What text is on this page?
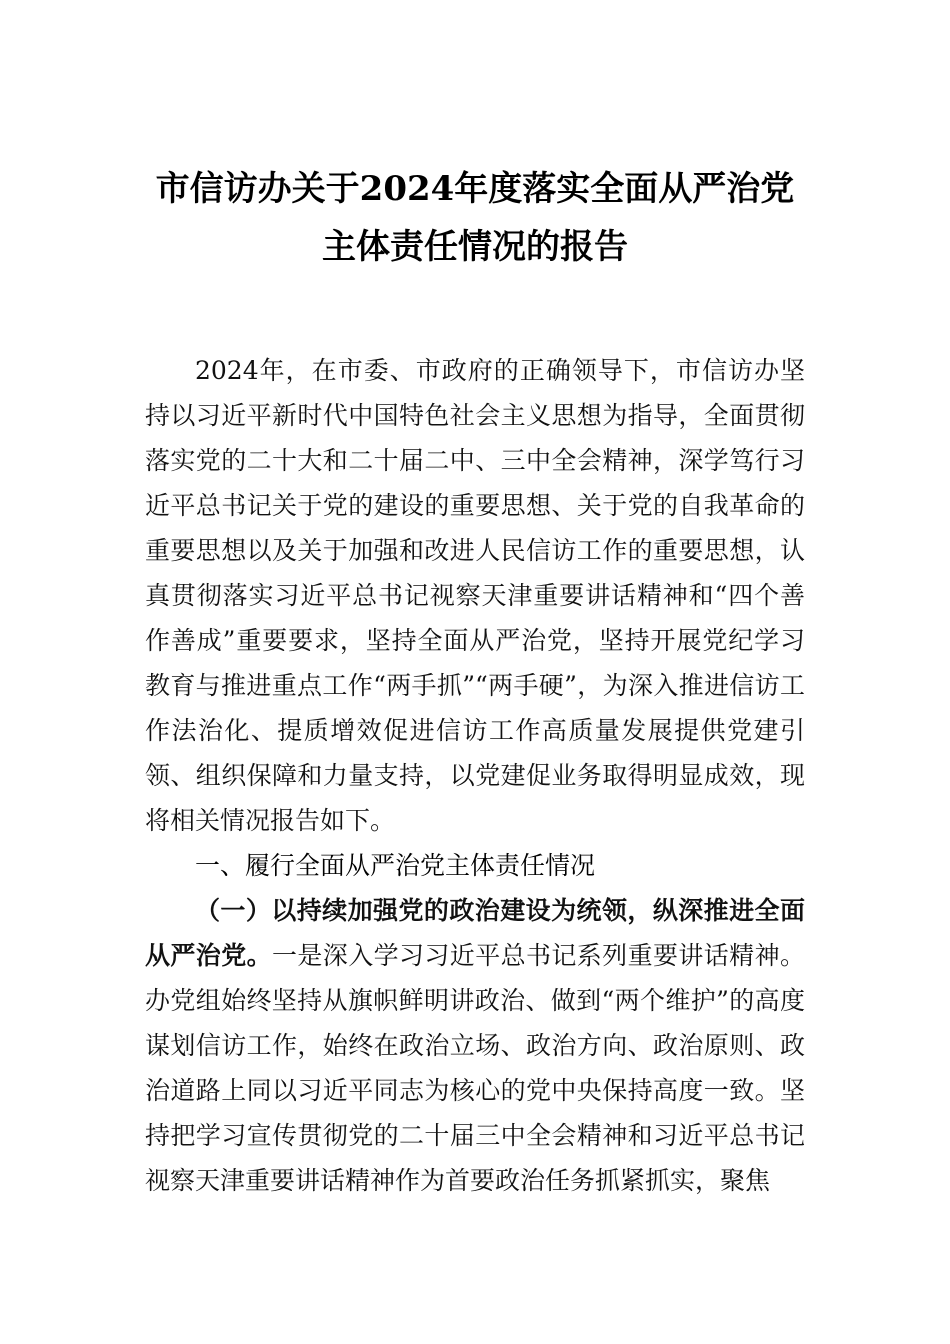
市信访办关于2024年度落实全面从严治党
主体责任情况的报告

2024年，在市委、市政府的正确领导下，市信访办坚持以习近平新时代中国特色社会主义思想为指导，全面贯彻落实党的二十大和二十届二中、三中全会精神，深学笃行习近平总书记关于党的建设的重要思想、关于党的自我革命的重要思想以及关于加强和改进人民信访工作的重要思想，认真贯彻落实习近平总书记视察天津重要讲话精神和“四个善作善成”重要要求，坚持全面从严治党，坚持开展党纪学习教育与推进重点工作“两手抓”“两手硬”，为深入推进信访工作法治化、提质增效促进信访工作高质量发展提供党建引领、组织保障和力量支持，以党建促业务取得明显成效，现将相关情况报告如下。

一、履行全面从严治党主体责任情况

（一）以持续加强党的政治建设为统领，纵深推进全面从严治党。一是深入学习习近平总书记系列重要讲话精神。办党组始终坚持从旗帜鲜明讲政治、做到“两个维护”的高度谋划信访工作，始终在政治立场、政治方向、政治原则、政治道路上同以习近平同志为核心的党中央保持高度一致。坚持把学习宣传贯彻党的二十届三中全会精神和习近平总书记视察天津重要讲话精神作为首要政治任务抓紧抓实，聚焦
